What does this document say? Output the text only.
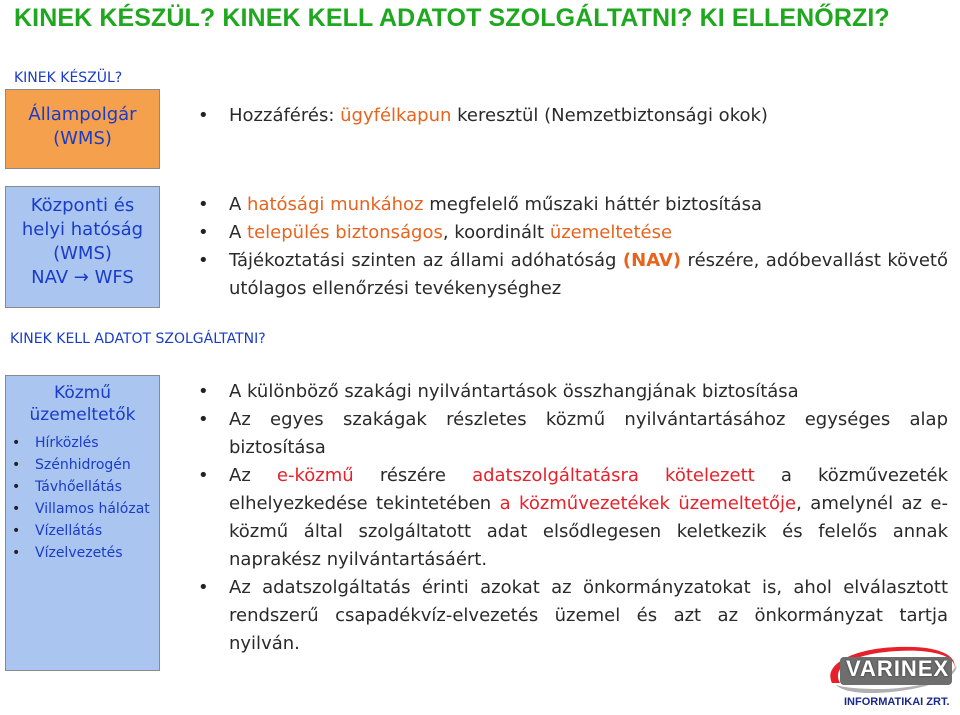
KINEK KÉSZÜL? KINEK KELL ADATOT SZOLGÁLTATNI? KI ELLENŐRZI?
KINEK KÉSZÜL?
Állampolgár
(WMS)
Központi és
helyi hatóság
(WMS)
NAV → WFS
• Hozzáférés: ügyfélkapun keresztül (Nemzetbiztonsági okok)
• A hatósági munkához megfelelő műszaki háttér biztosítása
• A település biztonságos, koordinált üzemeltetése
• Tájékoztatási szinten az állami adóhatóság (NAV) részére, adóbevallást követő utólagos ellenőrzési tevékenységhez
KINEK KELL ADATOT SZOLGÁLTATNI?
Közmű
üzemeltetők
• Hírközlés
• Szénhidrogén
• Távhőellátás
• Villamos hálózat
• Vízellátás
• Vízelvezetés
• A különböző szakági nyilvántartások összhangjának biztosítása
• Az egyes szakágak részletes közmű nyilvántartásához egységes alap biztosítása
• Az e-közmű részére adatszolgáltatásra kötelezett a közművezeték elhelyezkedése tekintetében a közművezetékek üzemeltetője, amelynél az e-közmű által szolgáltatott adat elsődlegesen keletkezik és felelős annak naprakész nyilvántartásáért.
• Az adatszolgáltatás érinti azokat az önkormányzatokat is, ahol elválasztott rendszerű csapadékvíz-elvezetés üzemel és azt az önkormányzat tartja nyilván.
VARINEX
INFORMATIKAI ZRT.
